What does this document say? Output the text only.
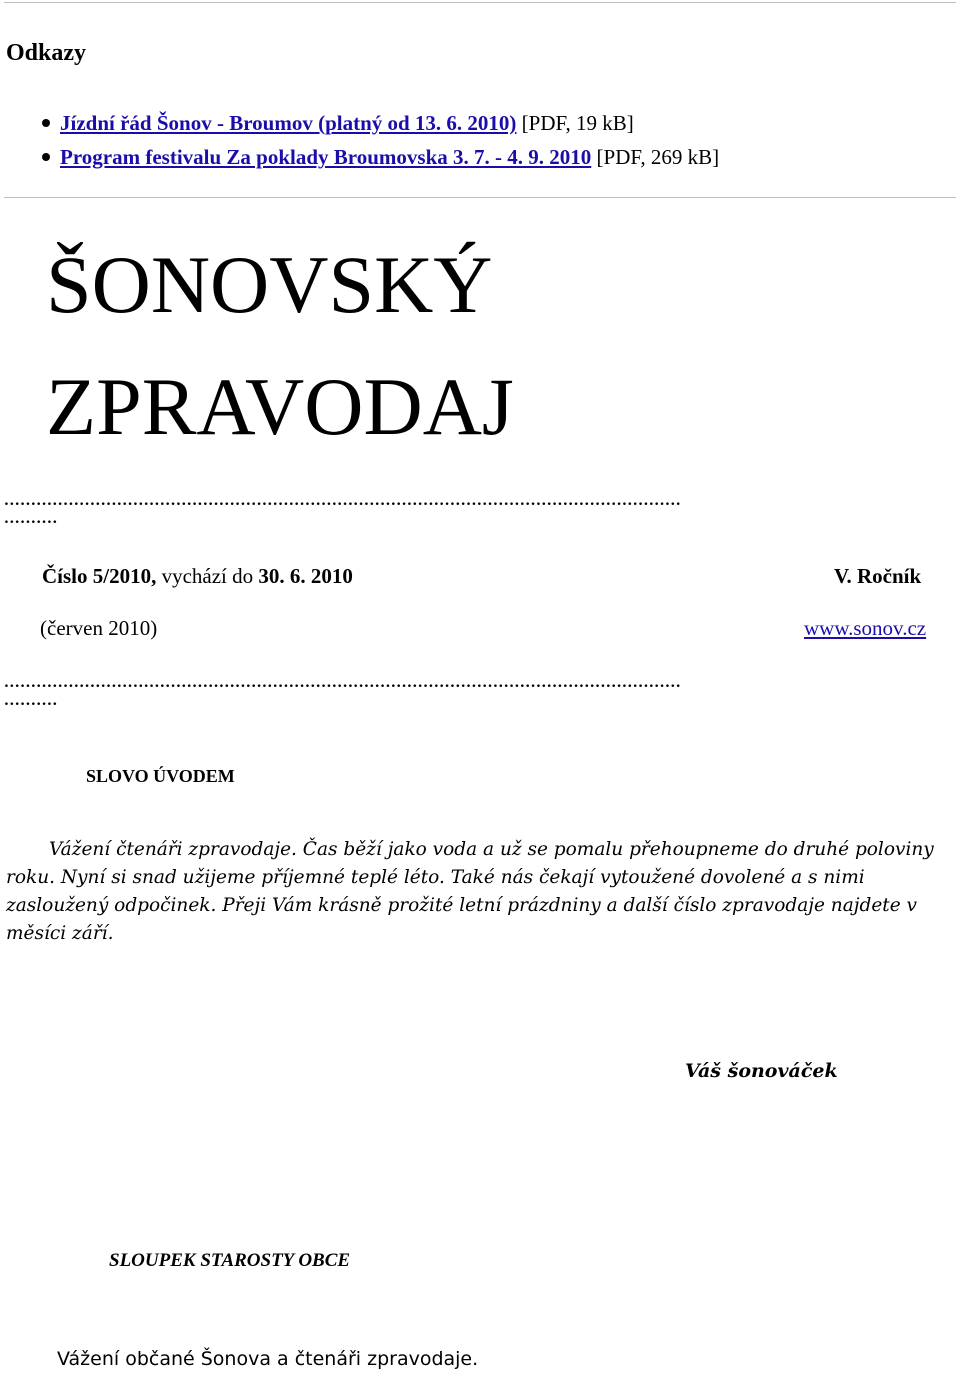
Odkazy
Jízdní řád Šonov - Broumov (platný od 13. 6. 2010) [PDF, 19 kB]
Program festivalu Za poklady Broumovska 3. 7. - 4. 9. 2010 [PDF, 269 kB]
ŠONOVSKÝ
ZPRAVODAJ
..............................................................................................................................
..........
Číslo 5/2010, vychází do 30. 6. 2010	V. Ročník
(červen 2010)	www.sonov.cz
..............................................................................................................................
..........
SLOVO ÚVODEM
Vážení čtenáři zpravodaje. Čas běží jako voda a už se pomalu přehoupneme do druhé poloviny
roku. Nyní si snad užijeme příjemné teplé léto. Také nás čekají vytoužené dovolené a s nimi
zasloužený odpočinek. Přeji Vám krásně prožité letní prázdniny a další číslo zpravodaje najdete v
měsíci září.
Váš šonováček
SLOUPEK STAROSTY OBCE
Vážení občané Šonova a čtenáři zpravodaje.
